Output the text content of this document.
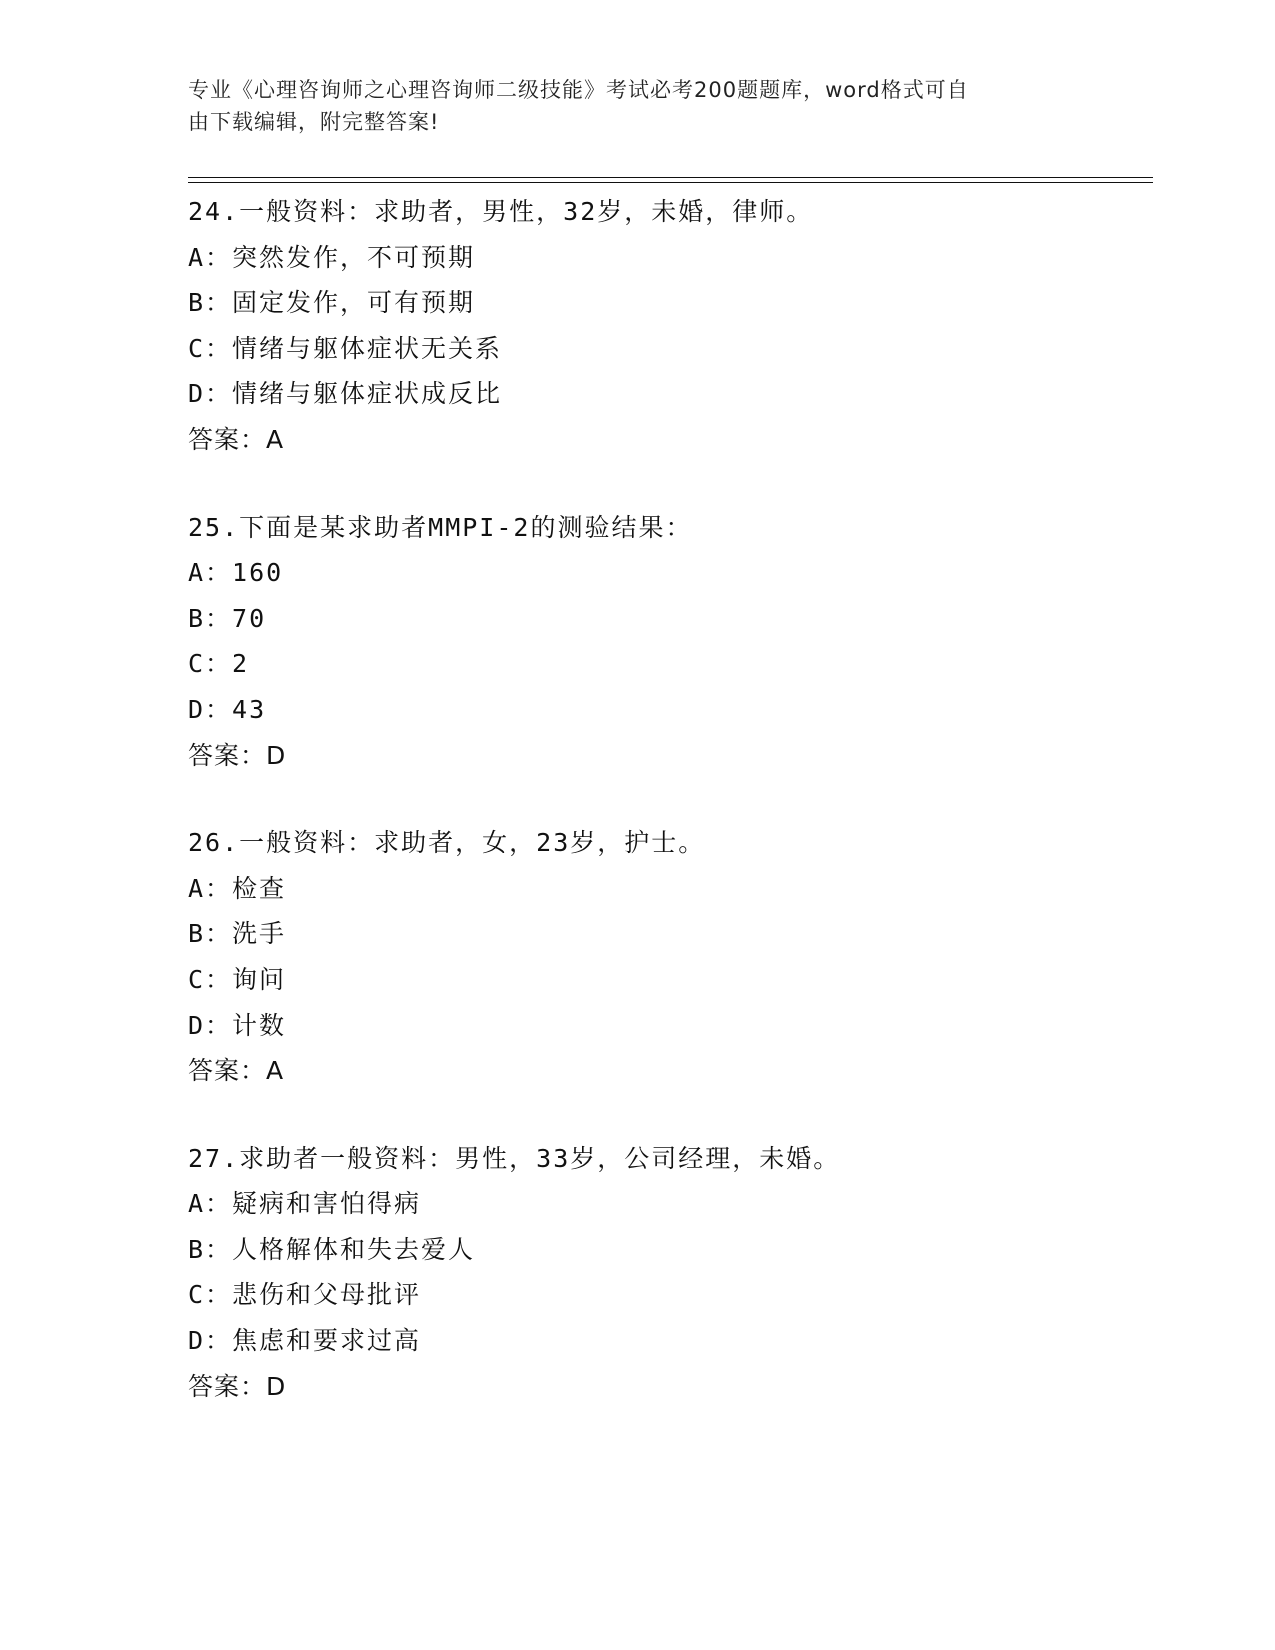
专业《心理咨询师之心理咨询师二级技能》考试必考200题题库，word格式可自
由下载编辑，附完整答案!
24.一般资料：求助者，男性，32岁，未婚，律师。
A：突然发作，不可预期
B：固定发作，可有预期
C：情绪与躯体症状无关系
D：情绪与躯体症状成反比
答案：A
25.下面是某求助者MMPI-2的测验结果：
A：160
B：70
C：2
D：43
答案：D
26.一般资料：求助者，女，23岁，护士。
A：检查
B：洗手
C：询问
D：计数
答案：A
27.求助者一般资料：男性，33岁，公司经理，未婚。
A：疑病和害怕得病
B：人格解体和失去爱人
C：悲伤和父母批评
D：焦虑和要求过高
答案：D
